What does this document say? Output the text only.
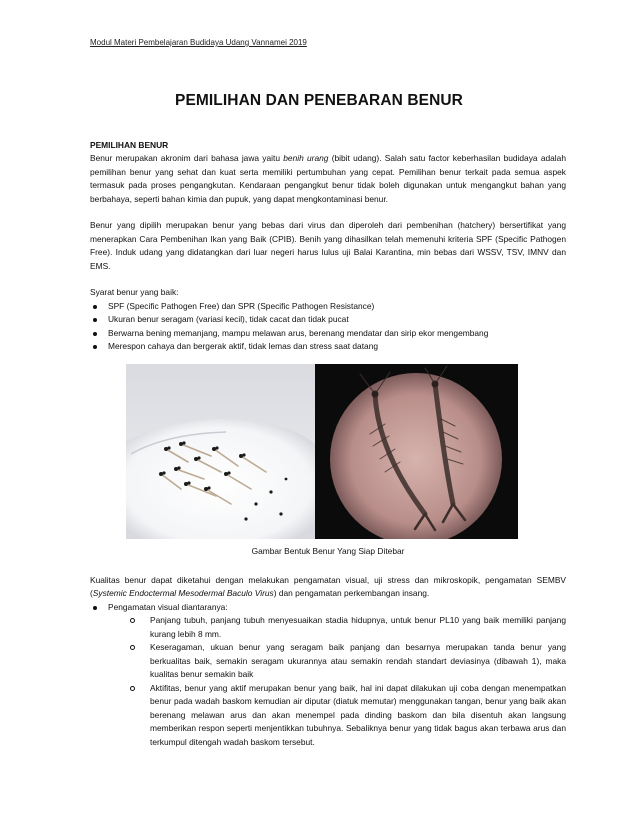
Modul Materi Pembelajaran Budidaya Udang Vannamei 2019
PEMILIHAN DAN PENEBARAN BENUR
PEMILIHAN BENUR

Benur merupakan akronim dari bahasa jawa yaitu benih urang (bibit udang). Salah satu factor keberhasilan budidaya adalah pemilihan benur yang sehat dan kuat serta memiliki pertumbuhan yang cepat. Pemilihan benur terkait pada semua aspek termasuk pada proses pengangkutan. Kendaraan pengangkut benur tidak boleh digunakan untuk mengangkut bahan yang berbahaya, seperti bahan kimia dan pupuk, yang dapat mengkontaminasi benur.

Benur yang dipilih merupakan benur yang bebas dari virus dan diperoleh dari pembenihan (hatchery) bersertifikat yang menerapkan Cara Pembenihan Ikan yang Baik (CPIB). Benih yang dihasilkan telah memenuhi kriteria SPF (Specific Pathogen Free). Induk udang yang didatangkan dari luar negeri harus lulus uji Balai Karantina, min bebas dari WSSV, TSV, IMNV dan EMS.

Syarat benur yang baik:

SPF (Specific Pathogen Free) dan SPR (Specific Pathogen Resistance)
Ukuran benur seragam (variasi kecil), tidak cacat dan tidak pucat
Berwarna bening memanjang, mampu melawan arus, berenang mendatar dan sirip ekor mengembang
Merespon cahaya dan bergerak aktif, tidak lemas dan stress saat datang
Gambar Bentuk Benur Yang Siap Ditebar

Kualitas benur dapat diketahui dengan melakukan pengamatan visual, uji stress dan mikroskopik, pengamatan SEMBV (Systemic Endoctermal Mesodermal Baculo Virus) dan pengamatan perkembangan insang.

Pengamatan visual diantaranya:
Panjang tubuh, panjang tubuh menyesuaikan stadia hidupnya, untuk benur PL10 yang baik memiliki panjang kurang lebih 8 mm.
Keseragaman, ukuan benur yang seragam baik panjang dan besarnya merupakan tanda benur yang berkualitas baik, semakin seragam ukurannya atau semakin rendah standart deviasinya (dibawah 1), maka kualitas benur semakin baik
Aktifitas, benur yang aktif merupakan benur yang baik, hal ini dapat dilakukan uji coba dengan menempatkan benur pada wadah baskom kemudian air diputar (diatuk memutar) menggunakan tangan, benur yang baik akan berenang melawan arus dan akan menempel pada dinding baskom dan bila disentuh akan langsung memberikan respon seperti menjentikkan tubuhnya. Sebaliknya benur yang tidak bagus akan terbawa arus dan terkumpul ditengah wadah baskom tersebut.
